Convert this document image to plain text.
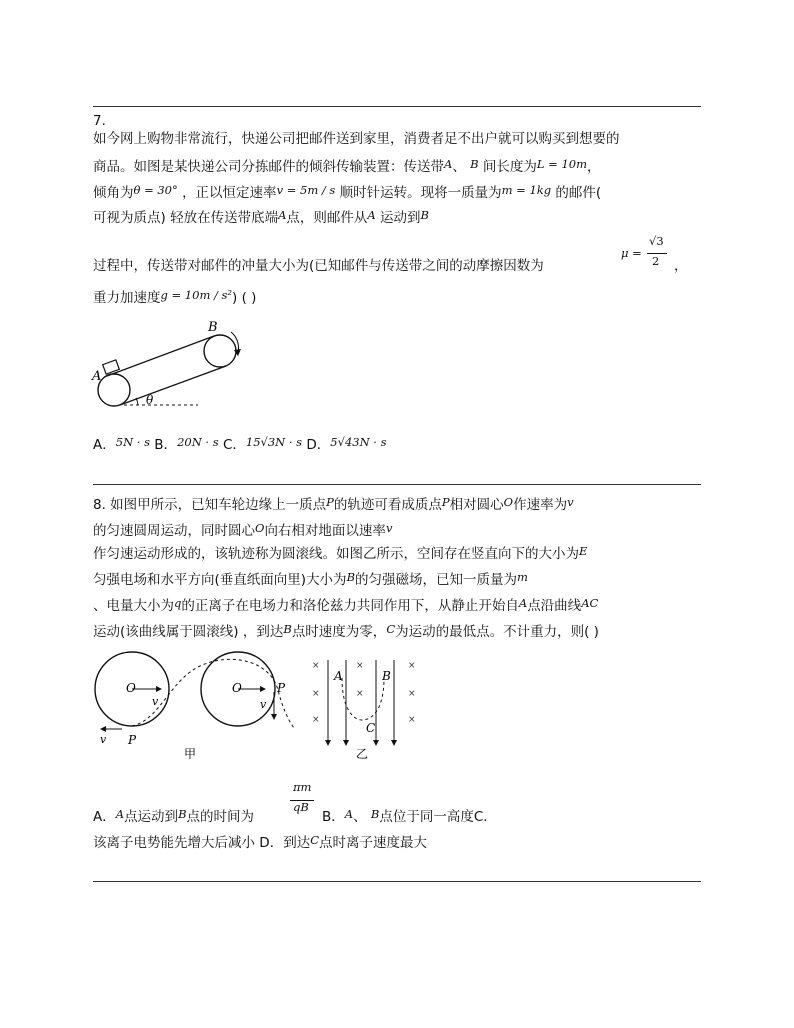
7.
如今网上购物非常流行，快递公司把邮件送到家里，消费者足不出户就可以购买到想要的
商品。如图是某快递公司分拣邮件的倾斜传输装置：传送带A、 B 间长度为L = 10m，
倾角为θ = 30° ，正以恒定速率v = 5m / s 顺时针运转。现将一质量为m = 1kg 的邮件(
可视为质点) 轻放在传送带底端A点，则邮件从A 运动到B
过程中，传送带对邮件的冲量大小为(已知邮件与传送带之间的动摩擦因数为
μ =
√3
2 ，
重力加速度g = 10m / s²) ( )
A
B
θ
A．5N · s B．20N · s C．15√3N · s D．5√43N · s
8. 如图甲所示，已知车轮边缘上一质点P的轨迹可看成质点P相对圆心O作速率为v
的匀速圆周运动，同时圆心O向右相对地面以速率v
作匀速运动形成的，该轨迹称为圆滚线。如图乙所示，空间存在竖直向下的大小为E
匀强电场和水平方向(垂直纸面向里)大小为B的匀强磁场，已知一质量为m
、电量大小为q的正离子在电场力和洛伦兹力共同作用下，从静止开始自A点沿曲线AC
运动(该曲线属于圆滚线) ，到达B点时速度为零，C为运动的最低点。不计重力，则( )
O
v
v P
O	P
v
甲
×
×
×
×
×
×
×
×
A	B
C
乙
πm
qB
A．A点运动到B点的时间为	B．A、 B点位于同一高度C．
该离子电势能先增大后减小 D．到达C点时离子速度最大
